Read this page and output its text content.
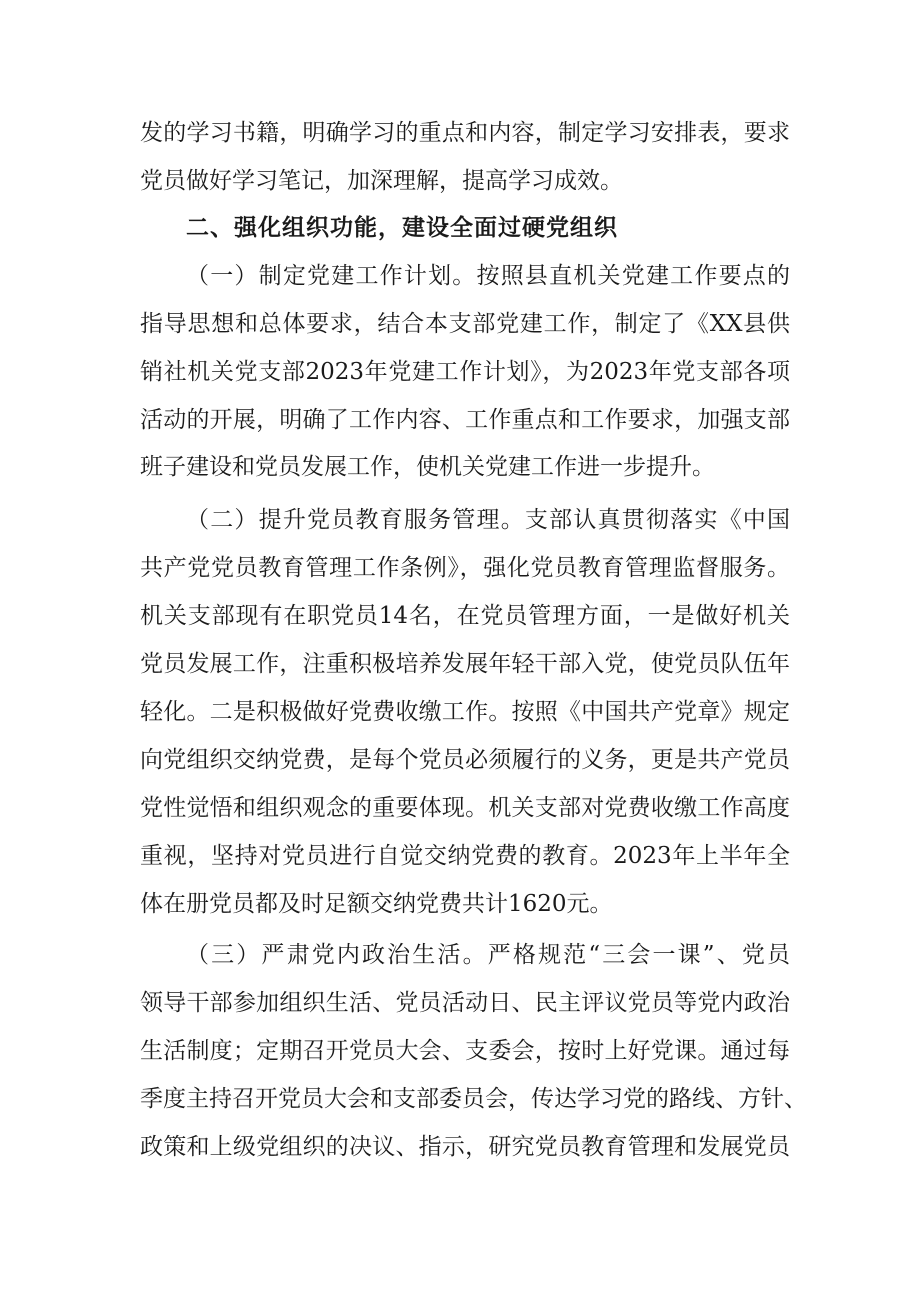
发的学习书籍，明确学习的重点和内容，制定学习安排表，要求
党员做好学习笔记，加深理解，提高学习成效。
二、强化组织功能，建设全面过硬党组织
（一）制定党建工作计划。按照县直机关党建工作要点的
指导思想和总体要求，结合本支部党建工作，制定了《XX县供
销社机关党支部2023年党建工作计划》，为2023年党支部各项
活动的开展，明确了工作内容、工作重点和工作要求，加强支部
班子建设和党员发展工作，使机关党建工作进一步提升。
（二）提升党员教育服务管理。支部认真贯彻落实《中国
共产党党员教育管理工作条例》，强化党员教育管理监督服务。
机关支部现有在职党员14名，在党员管理方面，一是做好机关
党员发展工作，注重积极培养发展年轻干部入党，使党员队伍年
轻化。二是积极做好党费收缴工作。按照《中国共产党章》规定
向党组织交纳党费，是每个党员必须履行的义务，更是共产党员
党性觉悟和组织观念的重要体现。机关支部对党费收缴工作高度
重视，坚持对党员进行自觉交纳党费的教育。2023年上半年全
体在册党员都及时足额交纳党费共计1620元。
（三）严肃党内政治生活。严格规范“三会一课”、党员
领导干部参加组织生活、党员活动日、民主评议党员等党内政治
生活制度；定期召开党员大会、支委会，按时上好党课。通过每
季度主持召开党员大会和支部委员会，传达学习党的路线、方针、
政策和上级党组织的决议、指示，研究党员教育管理和发展党员
